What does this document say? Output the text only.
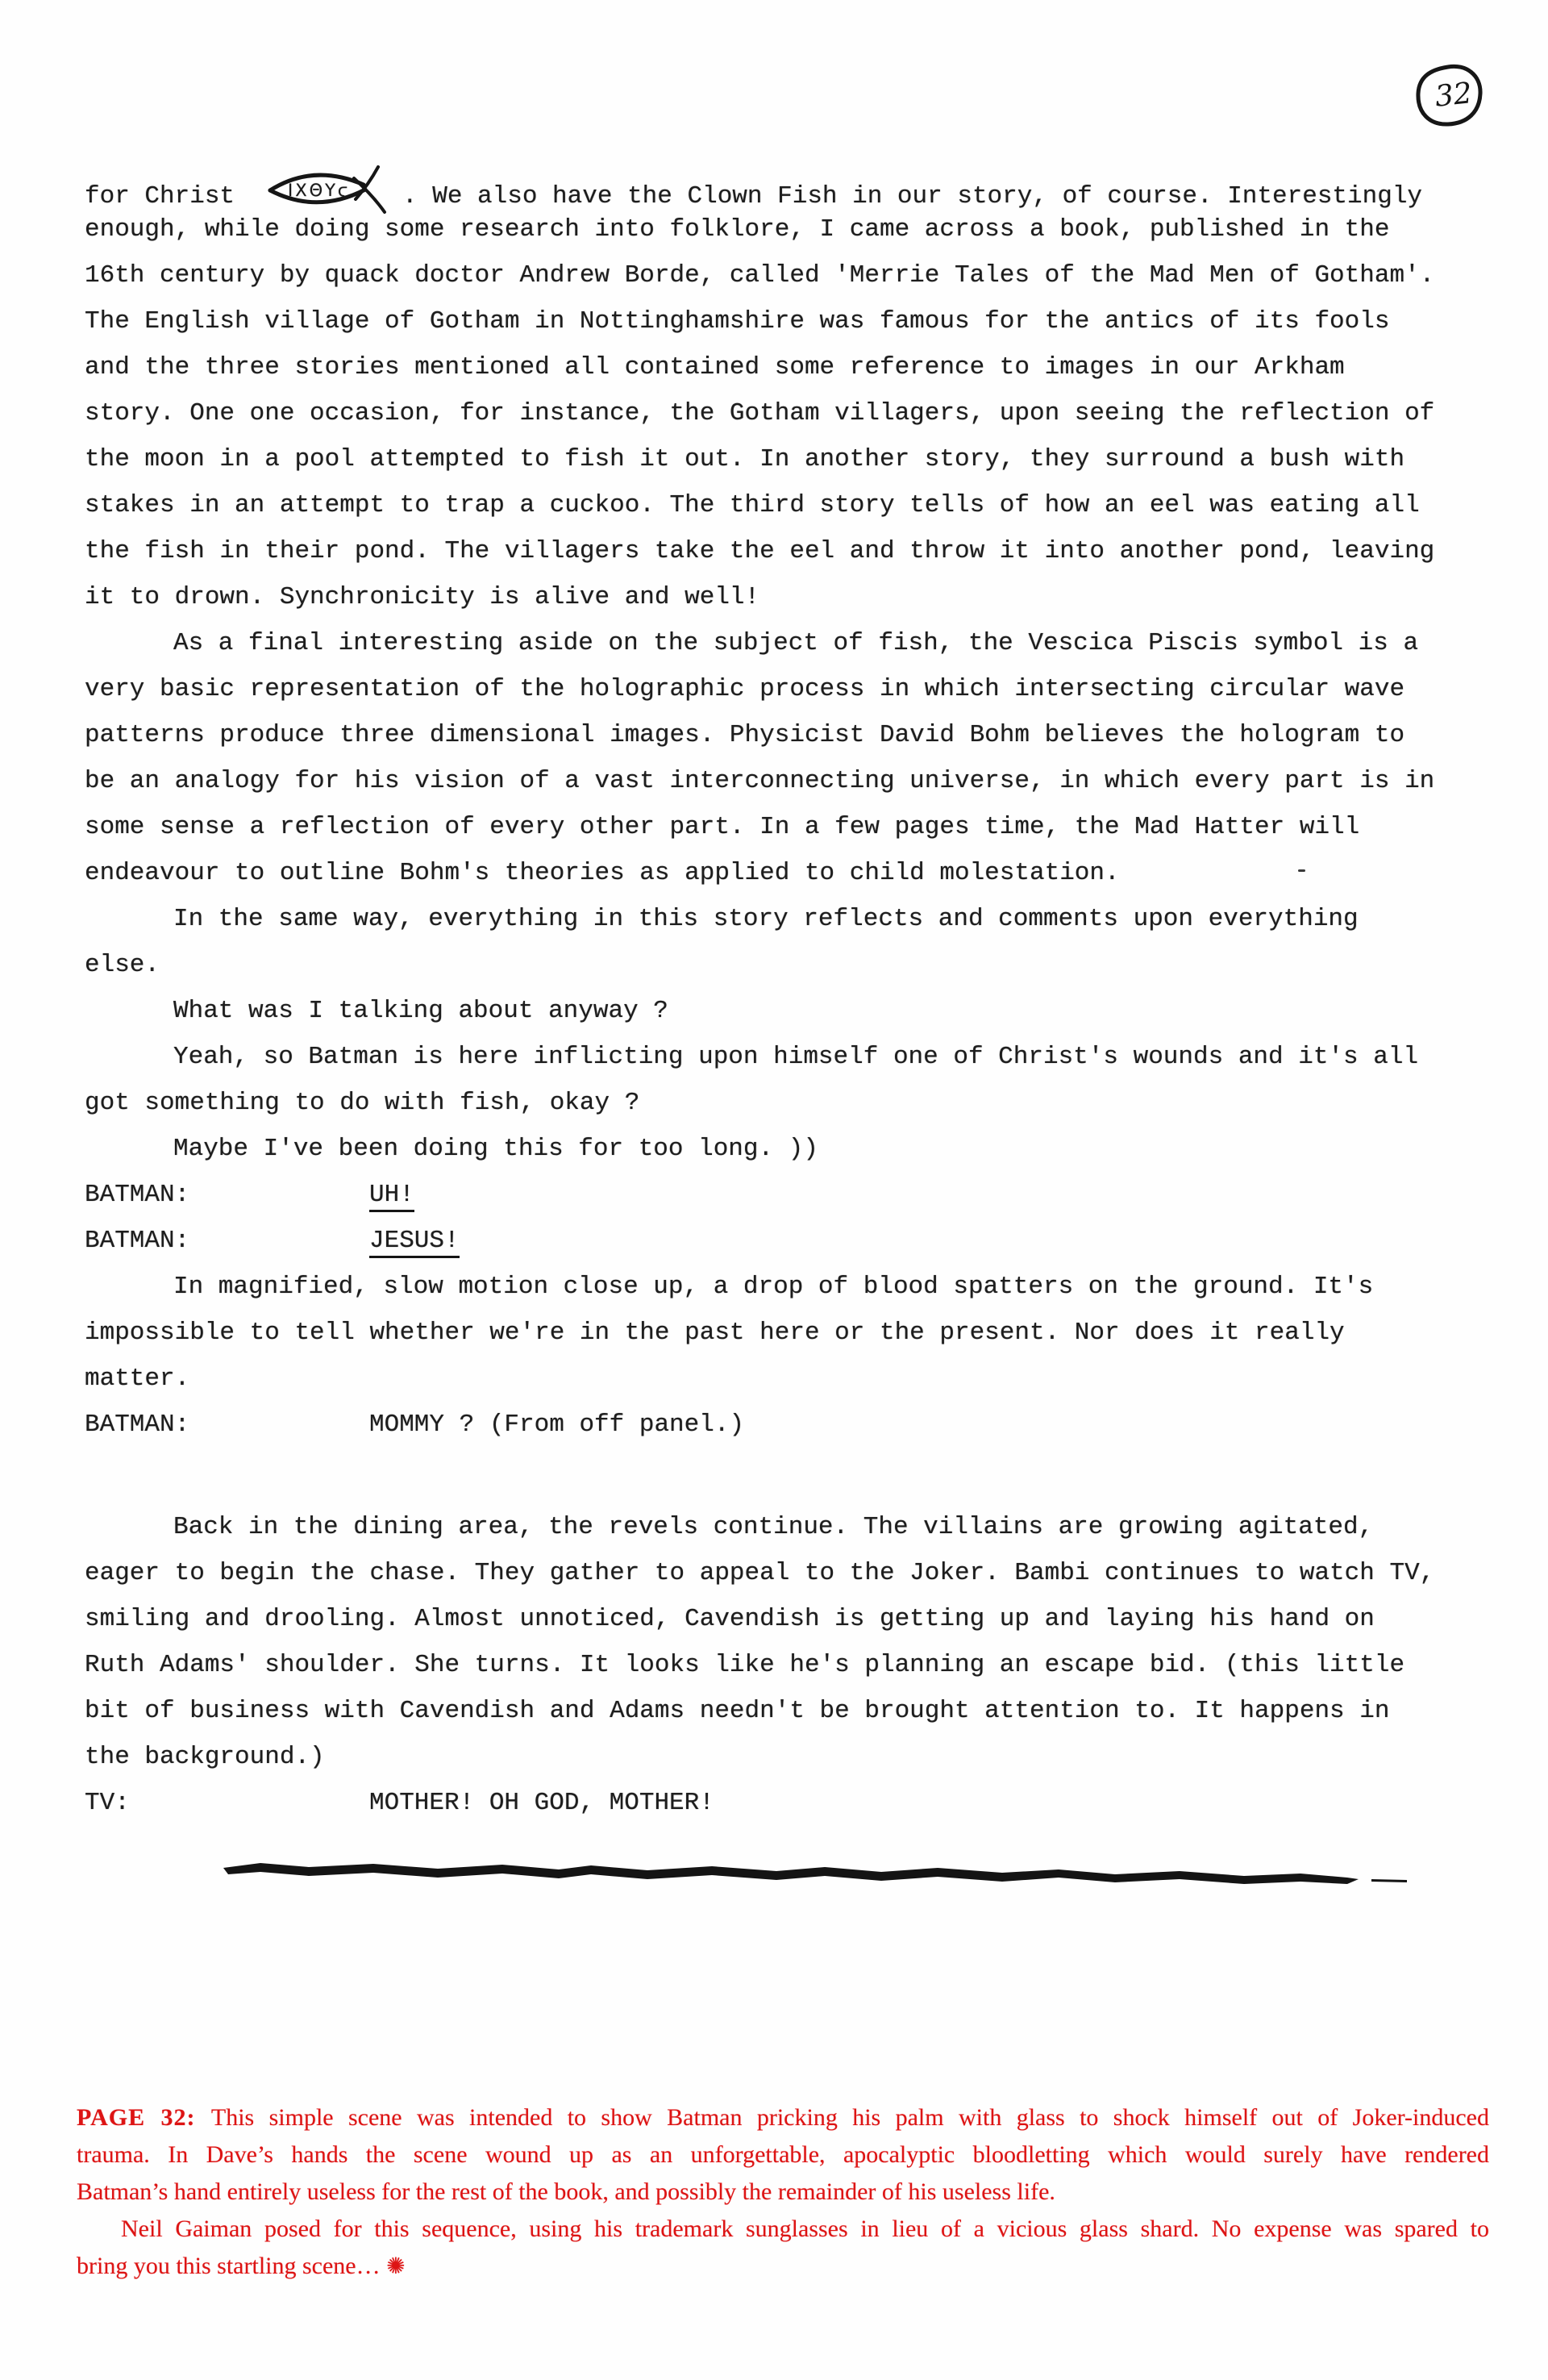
32
for Christ	ΙΧΘΥϛ . We also have the Clown Fish in our story, of course. Interestingly
enough, while doing some research into folklore, I came across a book, published in the
16th century by quack doctor Andrew Borde, called 'Merrie Tales of the Mad Men of Gotham'.
The English village of Gotham in Nottinghamshire was famous for the antics of its fools
and the three stories mentioned all contained some reference to images in our Arkham
story. One one occasion, for instance, the Gotham villagers, upon seeing the reflection of
the moon in a pool attempted to fish it out. In another story, they surround a bush with
stakes in an attempt to trap a cuckoo. The third story tells of how an eel was eating all
the fish in their pond. The villagers take the eel and throw it into another pond, leaving
it to drown. Synchronicity is alive and well!
As a final interesting aside on the subject of fish, the Vescica Piscis symbol is a
very basic representation of the holographic process in which intersecting circular wave
patterns produce three dimensional images. Physicist David Bohm believes the hologram to
be an analogy for his vision of a vast interconnecting universe, in which every part is in
some sense a reflection of every other part. In a few pages time, the Mad Hatter will
endeavour to outline Bohm's theories as applied to child molestation.
In the same way, everything in this story reflects and comments upon everything
else.
What was I talking about anyway ?
Yeah, so Batman is here inflicting upon himself one of Christ's wounds and it's all
got something to do with fish, okay ?
Maybe I've been doing this for too long. ))
BATMAN:	UH!
BATMAN:	JESUS!
In magnified, slow motion close up, a drop of blood spatters on the ground. It's
impossible to tell whether we're in the past here or the present. Nor does it really
matter.
BATMAN:	MOMMY ? (From off panel.)
Back in the dining area, the revels continue. The villains are growing agitated,
eager to begin the chase. They gather to appeal to the Joker. Bambi continues to watch TV,
smiling and drooling. Almost unnoticed, Cavendish is getting up and laying his hand on
Ruth Adams' shoulder. She turns. It looks like he's planning an escape bid. (this little
bit of business with Cavendish and Adams needn't be brought attention to. It happens in
the background.)
TV:	MOTHER! OH GOD, MOTHER!
PAGE 32: This simple scene was intended to show Batman pricking his palm with glass to shock himself out of Joker-induced
trauma. In Dave’s hands the scene wound up as an unforgettable, apocalyptic bloodletting which would surely have rendered
Batman’s hand entirely useless for the rest of the book, and possibly the remainder of his useless life.
Neil Gaiman posed for this sequence, using his trademark sunglasses in lieu of a vicious glass shard. No expense was spared to
bring you this startling scene… ✺
